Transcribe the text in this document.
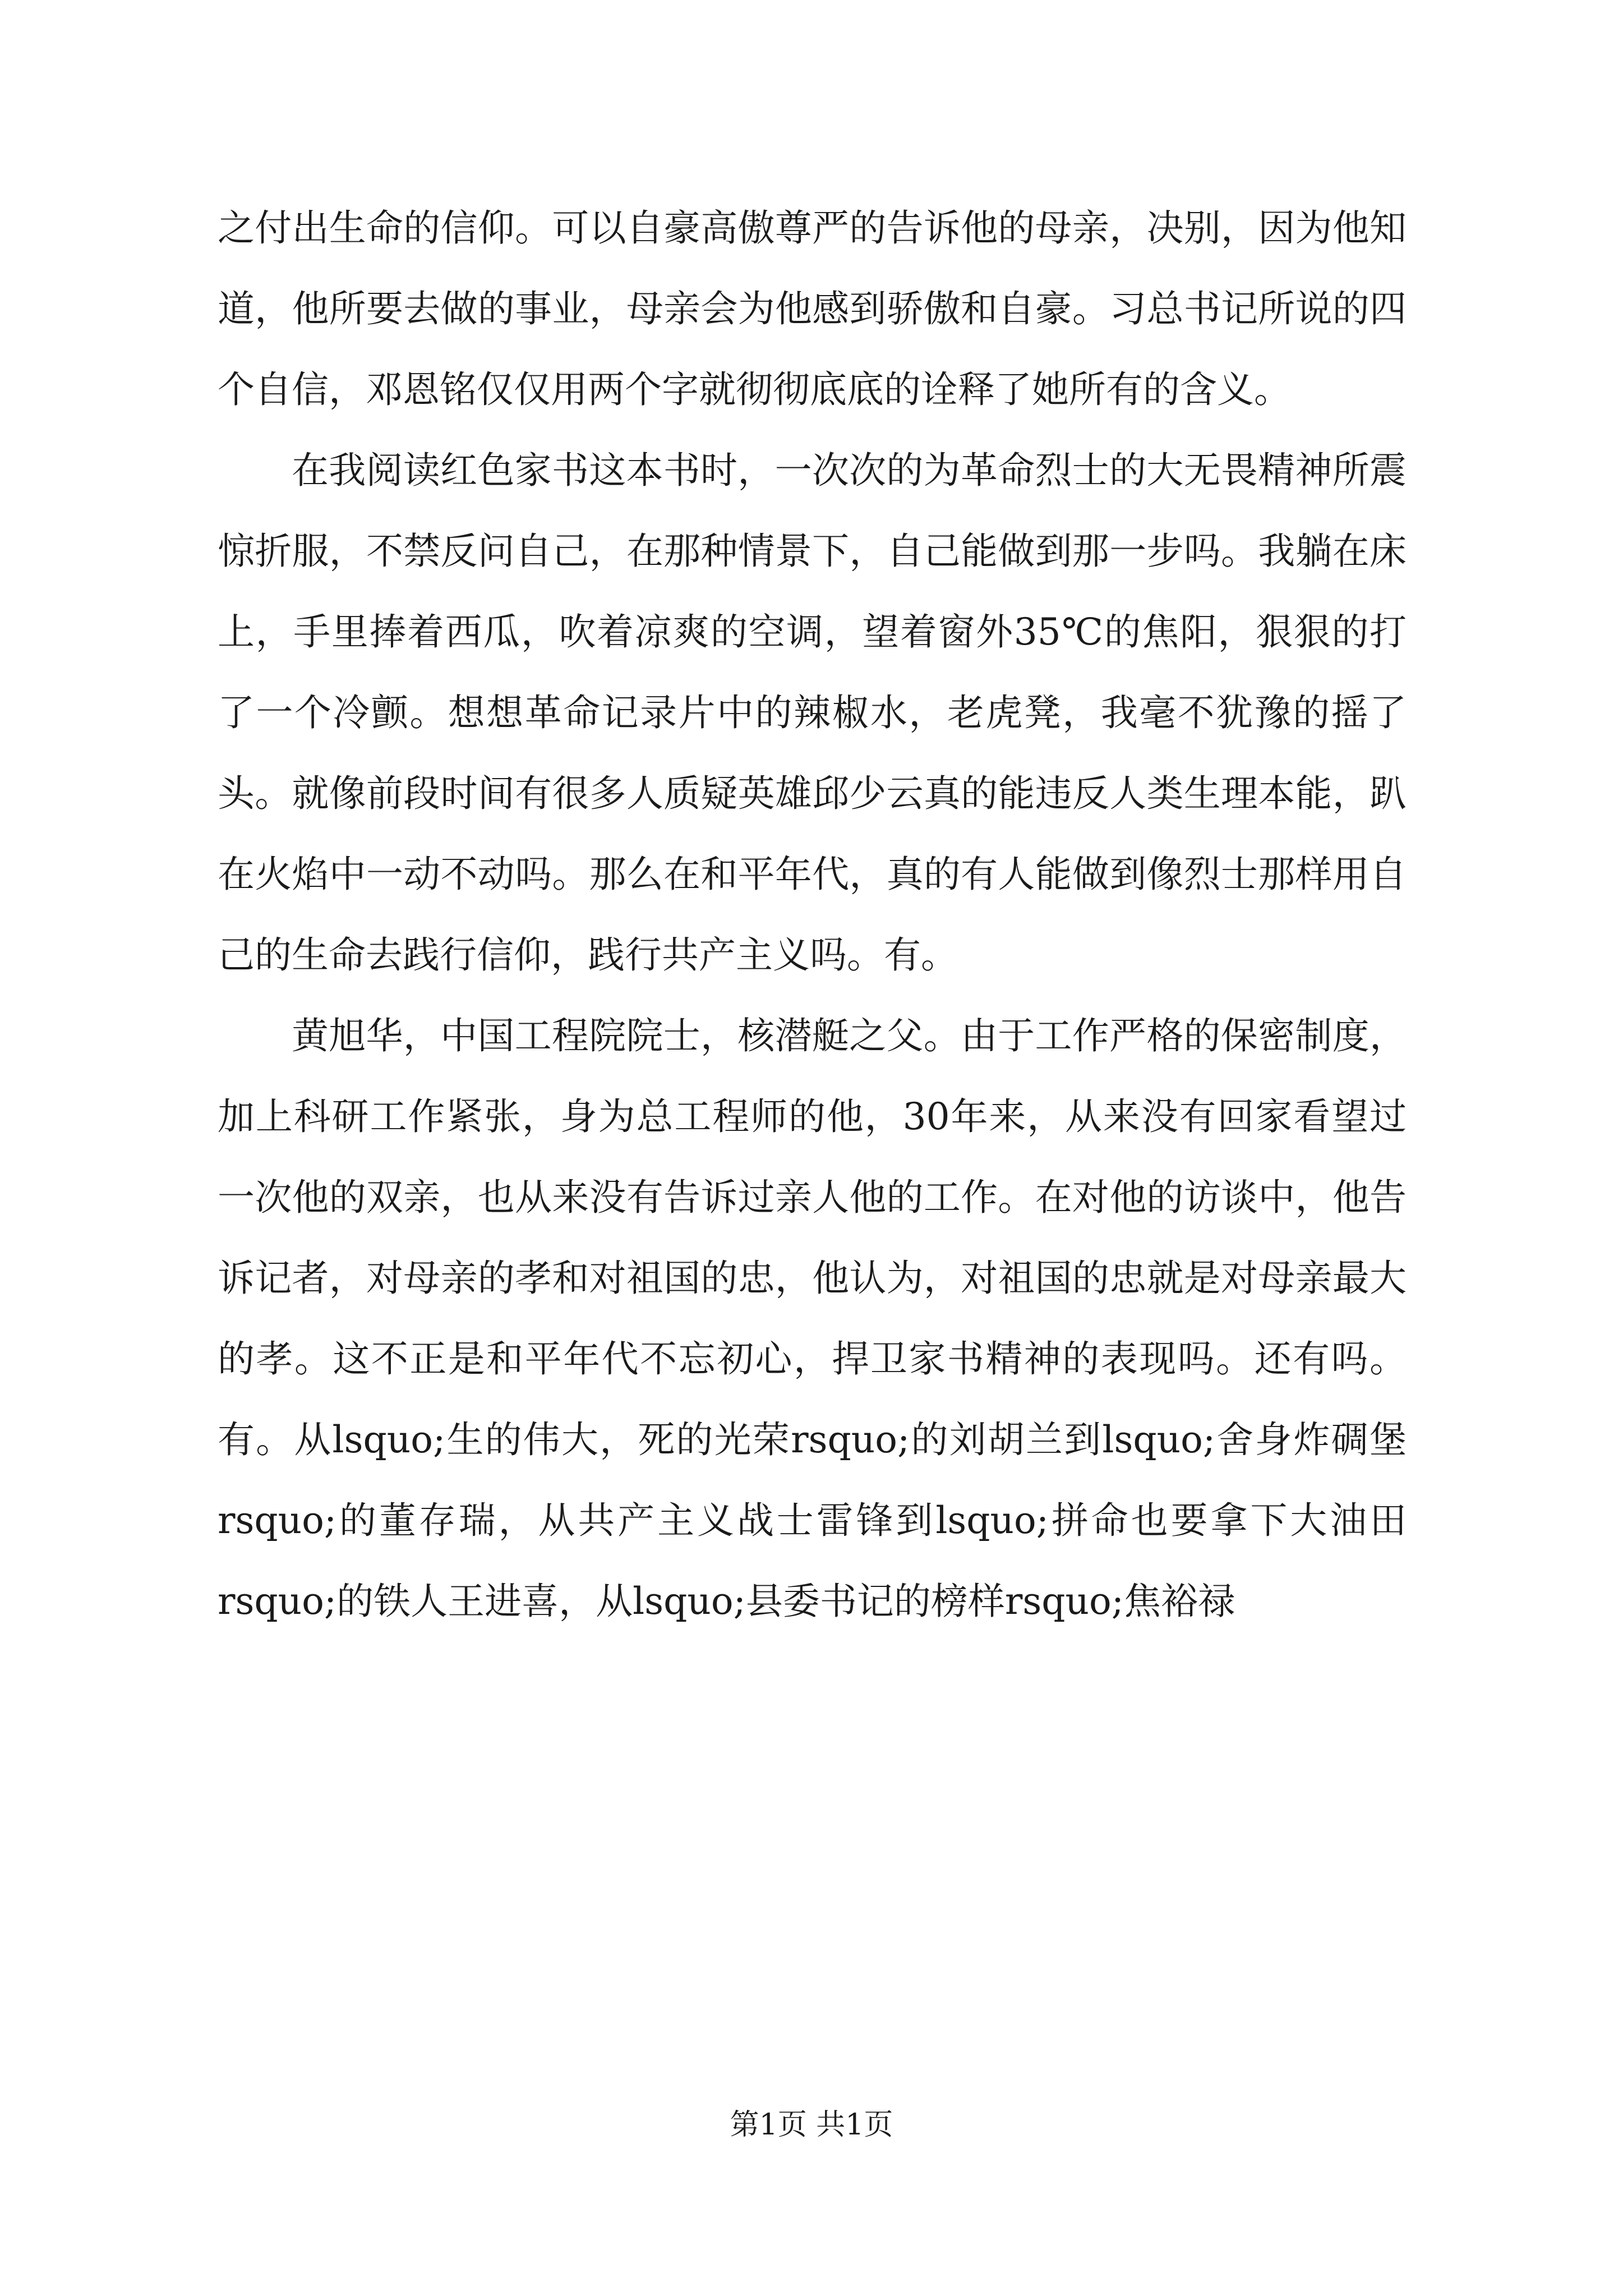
之付出生命的信仰。可以自豪高傲尊严的告诉他的母亲，决别，因为他知道，他所要去做的事业，母亲会为他感到骄傲和自豪。习总书记所说的四个自信，邓恩铭仅仅用两个字就彻彻底底的诠释了她所有的含义。

在我阅读红色家书这本书时，一次次的为革命烈士的大无畏精神所震惊折服，不禁反问自己，在那种情景下，自己能做到那一步吗。我躺在床上，手里捧着西瓜，吹着凉爽的空调，望着窗外35℃的焦阳，狠狠的打了一个冷颤。想想革命记录片中的辣椒水，老虎凳，我毫不犹豫的摇了头。就像前段时间有很多人质疑英雄邱少云真的能违反人类生理本能，趴在火焰中一动不动吗。那么在和平年代，真的有人能做到像烈士那样用自己的生命去践行信仰，践行共产主义吗。有。

黄旭华，中国工程院院士，核潜艇之父。由于工作严格的保密制度，加上科研工作紧张，身为总工程师的他，30年来，从来没有回家看望过一次他的双亲，也从来没有告诉过亲人他的工作。在对他的访谈中，他告诉记者，对母亲的孝和对祖国的忠，他认为，对祖国的忠就是对母亲最大的孝。这不正是和平年代不忘初心，捍卫家书精神的表现吗。还有吗。有。从lsquo;生的伟大，死的光荣rsquo;的刘胡兰到lsquo;舍身炸碉堡rsquo;的董存瑞，从共产主义战士雷锋到lsquo;拼命也要拿下大油田rsquo;的铁人王进喜，从lsquo;县委书记的榜样rsquo;焦裕禄

第1页 共1页
